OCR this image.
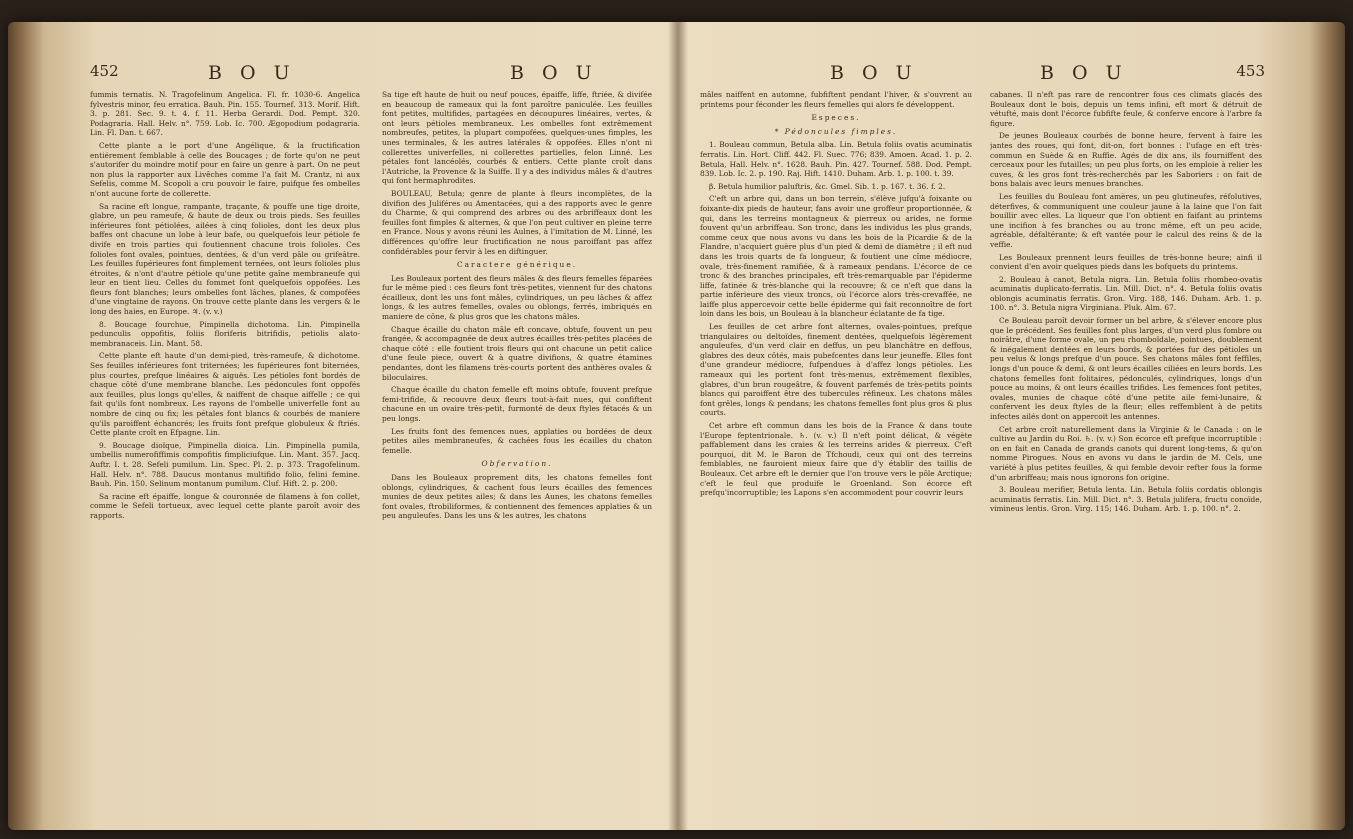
452	B O U	B O U

fummis ternatis. N. Tragofelinum Angelica. Fl. fr. 1030-6. Angelica fylvestris minor, feu erratica. Bauh. Pin. 155. Tournef. 313. Morif. Hift. 3. p. 281. Sec. 9. t. 4. f. 11. Herba Gerardi. Dod. Pempt. 320. Podagraria. Hall. Helv. n°. 759. Lob. Ic. 700. Ægopodium podagraria. Lin. Fl. Dan. t. 667.

Cette plante a le port d'une Angélique, & la fructification entiérement femblable à celle des Boucages ; de forte qu'on ne peut s'autorifer du moindre motif pour en faire un genre à part. On ne peut non plus la rapporter aux Livêches comme l'a fait M. Crantz, ni aux Sefelis, comme M. Scopoli a cru pouvoir le faire, puifque fes ombelles n'ont aucune forte de collerette.

Sa racine eft longue, rampante, traçante, & pouffe une tige droite, glabre, un peu rameufe, & haute de deux ou trois pieds. Ses feuilles inférieures font pétiolées, ailées à cinq folioles, dont les deux plus baffes ont chacune un lobe à leur bafe, ou quelquefois leur pétiole fe divife en trois parties qui foutiennent chacune trois folioles. Ces folioles font ovales, pointues, dentées, & d'un verd pâle ou grifeâtre. Les feuilles fupérieures font fimplement ternées, ont leurs folioles plus étroites, & n'ont d'autre pétiole qu'une petite gaîne membraneufe qui leur en tient lieu. Celles du fommet font quelquefois oppofées. Les fleurs font blanches; leurs ombelles font lâches, planes, & compofées d'une vingtaine de rayons. On trouve cette plante dans les vergers & le long des haies, en Europe. ♃. (v. v.)

8. Boucage fourchue, Pimpinella dichotoma. Lin. Pimpinella pedunculis oppofitis, foliis floriferis bitrifidis, petiolis alato-membranaceis. Lin. Mant. 58.

Cette plante eft haute d'un demi-pied, très-rameufe, & dichotome. Ses feuilles inférieures font triternées; les fupérieures font biternées, plus courtes, prefque linéaires & aiguës. Les pétioles font bordés de chaque côté d'une membrane blanche. Les pédoncules font oppofés aux feuilles, plus longs qu'elles, & naiffent de chaque aiffelle ; ce qui fait qu'ils font nombreux. Les rayons de l'ombelle univerfelle font au nombre de cinq ou fix; les pétales font blancs & courbés de maniere qu'ils paroiffent échancrés; les fruits font prefque globuleux & ftriés. Cette plante croît en Efpagne. Lin.

9. Boucage dioïque, Pimpinella dioica. Lin. Pimpinella pumila, umbellis numerofiffimis compofitis fimpliciufque. Lin. Mant. 357. Jacq. Auftr. I. t. 28. Sefeli pumilum. Lin. Spec. Pl. 2. p. 373. Tragofelinum. Hall. Helv. n°. 788. Daucus montanus multifido folio, felini femine. Bauh. Pin. 150. Selinum montanum pumilum. Cluf. Hift. 2. p. 200.

Sa racine eft épaiffe, longue & couronnée de filamens à fon collet, comme le Sefeli tortueux, avec lequel cette plante paroît avoir des rapports.

Sa tige eft haute de huit ou neuf pouces, épaiffe, liffe, ftriée, & divifée en beaucoup de rameaux qui la font paroître paniculée. Les feuilles font petites, multifides, partagées en découpures linéaires, vertes, & ont leurs pétioles membraneux. Les ombelles font extrêmement nombreufes, petites, la plupart compofées, quelques-unes fimples, les unes terminales, & les autres latérales & oppofées. Elles n'ont ni collerettes univerfelles, ni collerettes partielles, felon Linné. Les pétales font lancéolés, courbés & entiers. Cette plante croît dans l'Autriche, la Provence & la Suiffe. Il y a des individus mâles & d'autres qui font hermaphrodites.

BOULEAU, Betula; genre de plante à fleurs incomplètes, de la divifion des Juliféres ou Amentacées, qui a des rapports avec le genre du Charme, & qui comprend des arbres ou des arbriffeaux dont les feuilles font fimples & alternes, & que l'on peut cultiver en pleine terre en France. Nous y avons réuni les Aulnes, à l'imitation de M. Linné, les différences qu'offre leur fructification ne nous paroiffant pas affez confidérables pour fervir à les en diftinguer.

Caractere générique.

Les Bouleaux portent des fleurs mâles & des fleurs femelles féparées fur le même pied : ces fleurs font très-petites, viennent fur des chatons écailleux, dont les uns font mâles, cylindriques, un peu lâches & affez longs, & les autres femelles, ovales ou oblongs, ferrés, imbriqués en maniere de cône, & plus gros que les chatons mâles.

Chaque écaille du chaton mâle eft concave, obtufe, fouvent un peu frangée, & accompagnée de deux autres écailles très-petites placées de chaque côté : elle foutient trois fleurs qui ont chacune un petit calice d'une feule piece, ouvert & à quatre divifions, & quatre étamines pendantes, dont les filamens très-courts portent des anthères ovales & biloculaires.

Chaque écaille du chaton femelle eft moins obtufe, fouvent prefque femi-trifide, & recouvre deux fleurs tout-à-fait nues, qui confiftent chacune en un ovaire très-petit, furmonté de deux ftyles fétacés & un peu longs.

Les fruits font des femences nues, applaties ou bordées de deux petites ailes membraneufes, & cachées fous les écailles du chaton femelle.

Obfervation.

Dans les Bouleaux proprement dits, les chatons femelles font oblongs, cylindriques, & cachent fous leurs écailles des femences munies de deux petites ailes; & dans les Aunes, les chatons femelles font ovales, ftrobiliformes, & contiennent des femences applaties & un peu anguleufes. Dans les uns & les autres, les chatons

B O U	B O U	453

mâles naiffent en automne, fubfiftent pendant l'hiver, & s'ouvrent au printems pour féconder les fleurs femelles qui alors fe développent.

Especes.

* Pédoncules fimples.

1. Bouleau commun, Betula alba. Lin. Betula foliis ovatis acuminatis ferratis. Lin. Hort. Cliff. 442. Fl. Suec. 776; 839. Amoen. Acad. 1. p. 2. Betula, Hall. Helv. n°. 1628. Bauh. Pin. 427. Tournef. 588. Dod. Pempt. 839. Lob. Ic. 2. p. 190. Raj. Hift. 1410. Duham. Arb. 1. p. 100. t. 39.

β. Betula humilior paluftris, &c. Gmel. Sib. 1. p. 167. t. 36. f. 2.

C'eft un arbre qui, dans un bon terrein, s'élève jufqu'à foixante ou foixante-dix pieds de hauteur, fans avoir une groffeur proportionnée, & qui, dans les terreins montagneux & pierreux ou arides, ne forme fouvent qu'un arbriffeau. Son tronc, dans les individus les plus grands, comme ceux que nous avons vu dans les bois de la Picardie & de la Flandre, n'acquiert guère plus d'un pied & demi de diamètre ; il eft nud dans les trois quarts de fa longueur, & foutient une cîme médiocre, ovale, très-finement ramifiée, & à rameaux pendans. L'écorce de ce tronc & des branches principales, eft très-remarquable par l'épiderme liffe, fatinée & très-blanche qui la recouvre; & ce n'eft que dans la partie inférieure des vieux troncs, où l'écorce alors très-crevaffée, ne laiffe plus appercevoir cette belle épiderme qui fait reconnoître de fort loin dans les bois, un Bouleau à la blancheur éclatante de fa tige.

Les feuilles de cet arbre font alternes, ovales-pointues, prefque triangulaires ou deltoïdes, finement dentées, quelquefois légèrement anguleufes, d'un verd clair en deffus, un peu blanchâtre en deffous, glabres des deux côtés, mais pubefcentes dans leur jeuneffe. Elles font d'une grandeur médiocre, fufpendues à d'affez longs pétioles. Les rameaux qui les portent font très-menus, extrêmement flexibles, glabres, d'un brun rougeâtre, & fouvent parfemés de très-petits points blancs qui paroiffent être des tubercules réfineux. Les chatons mâles font grêles, longs & pendans; les chatons femelles font plus gros & plus courts.

Cet arbre eft commun dans les bois de la France & dans toute l'Europe feptentrionale. ♄. (v. v.) Il n'eft point délicat, & végète paffablement dans les craies & les terreins arides & pierreux. C'eft pourquoi, dit M. le Baron de Tfchoudi, ceux qui ont des terreins femblables, ne fauroient mieux faire que d'y établir des taillis de Bouleaux. Cet arbre eft le dernier que l'on trouve vers le pôle Arctique; c'eft le feul que produife le Groenland. Son écorce eft prefqu'incorruptible; les Lapons s'en accommodent pour couvrir leurs

cabanes. Il n'eft pas rare de rencontrer fous ces climats glacés des Bouleaux dont le bois, depuis un tems infini, eft mort & détruit de vétufté, mais dont l'écorce fubfifte feule, & conferve encore à l'arbre fa figure.

De jeunes Bouleaux courbés de bonne heure, fervent à faire les jantes des roues, qui font, dit-on, fort bonnes : l'ufage en eft très-commun en Suède & en Ruffie. Agés de dix ans, ils fourniffent des cerceaux pour les futailles; un peu plus forts, on les emploie à relier les cuves, & les gros font très-recherchés par les Saboriers : on fait de bons balais avec leurs menues branches.

Les feuilles du Bouleau font amères, un peu glutineufes, réfolutives, déterfives, & communiquent une couleur jaune à la laine que l'on fait bouillir avec elles. La liqueur que l'on obtient en faifant au printems une incifion à fes branches ou au tronc même, eft un peu acide, agréable, défaltérante; & eft vantée pour le calcul des reins & de la veffie.

Les Bouleaux prennent leurs feuilles de très-bonne heure; ainfi il convient d'en avoir quelques pieds dans les bofquets du printems.

2. Bouleau à canot, Betula nigra. Lin. Betula foliis rhombeo-ovatis acuminatis duplicato-ferratis. Lin. Mill. Dict. n°. 4. Betula foliis ovatis oblongis acuminatis ferratis. Gron. Virg. 188, 146. Duham. Arb. 1. p. 100. n°. 3. Betula nigra Virginiana. Pluk. Alm. 67.

Ce Bouleau paroît devoir former un bel arbre, & s'élever encore plus que le précédent. Ses feuilles font plus larges, d'un verd plus fombre ou noirâtre, d'une forme ovale, un peu rhomboïdale, pointues, doublement & inégalement dentées en leurs bords, & portées fur des pétioles un peu velus & longs prefque d'un pouce. Ses chatons mâles font feffiles, longs d'un pouce & demi, & ont leurs écailles ciliées en leurs bords. Les chatons femelles font folitaires, pédonculés, cylindriques, longs d'un pouce au moins, & ont leurs écailles trifides. Les femences font petites, ovales, munies de chaque côté d'une petite aile femi-lunaire, & confervent les deux ftyles de la fleur; elles reffemblent à de petits infectes ailés dont on appercoit les antennes.

Cet arbre croît naturellement dans la Virginie & le Canada : on le cultive au Jardin du Roi. ♄. (v. v.) Son écorce eft prefque incorruptible : on en fait en Canada de grands canots qui durent long-tems, & qu'on nomme Pirogues. Nous en avons vu dans le jardin de M. Cels, une variété à plus petites feuilles, & qui femble devoir refter fous la forme d'un arbriffeau; mais nous ignorons fon origine.

3. Bouleau merifier, Betula lenta. Lin. Betula foliis cordatis oblongis acuminatis ferratis. Lin. Mill. Dict. n°. 3. Betula julifera, fructu conoïde, vimineus lentis. Gron. Virg. 115; 146. Duham. Arb. 1. p. 100. n°. 2.
